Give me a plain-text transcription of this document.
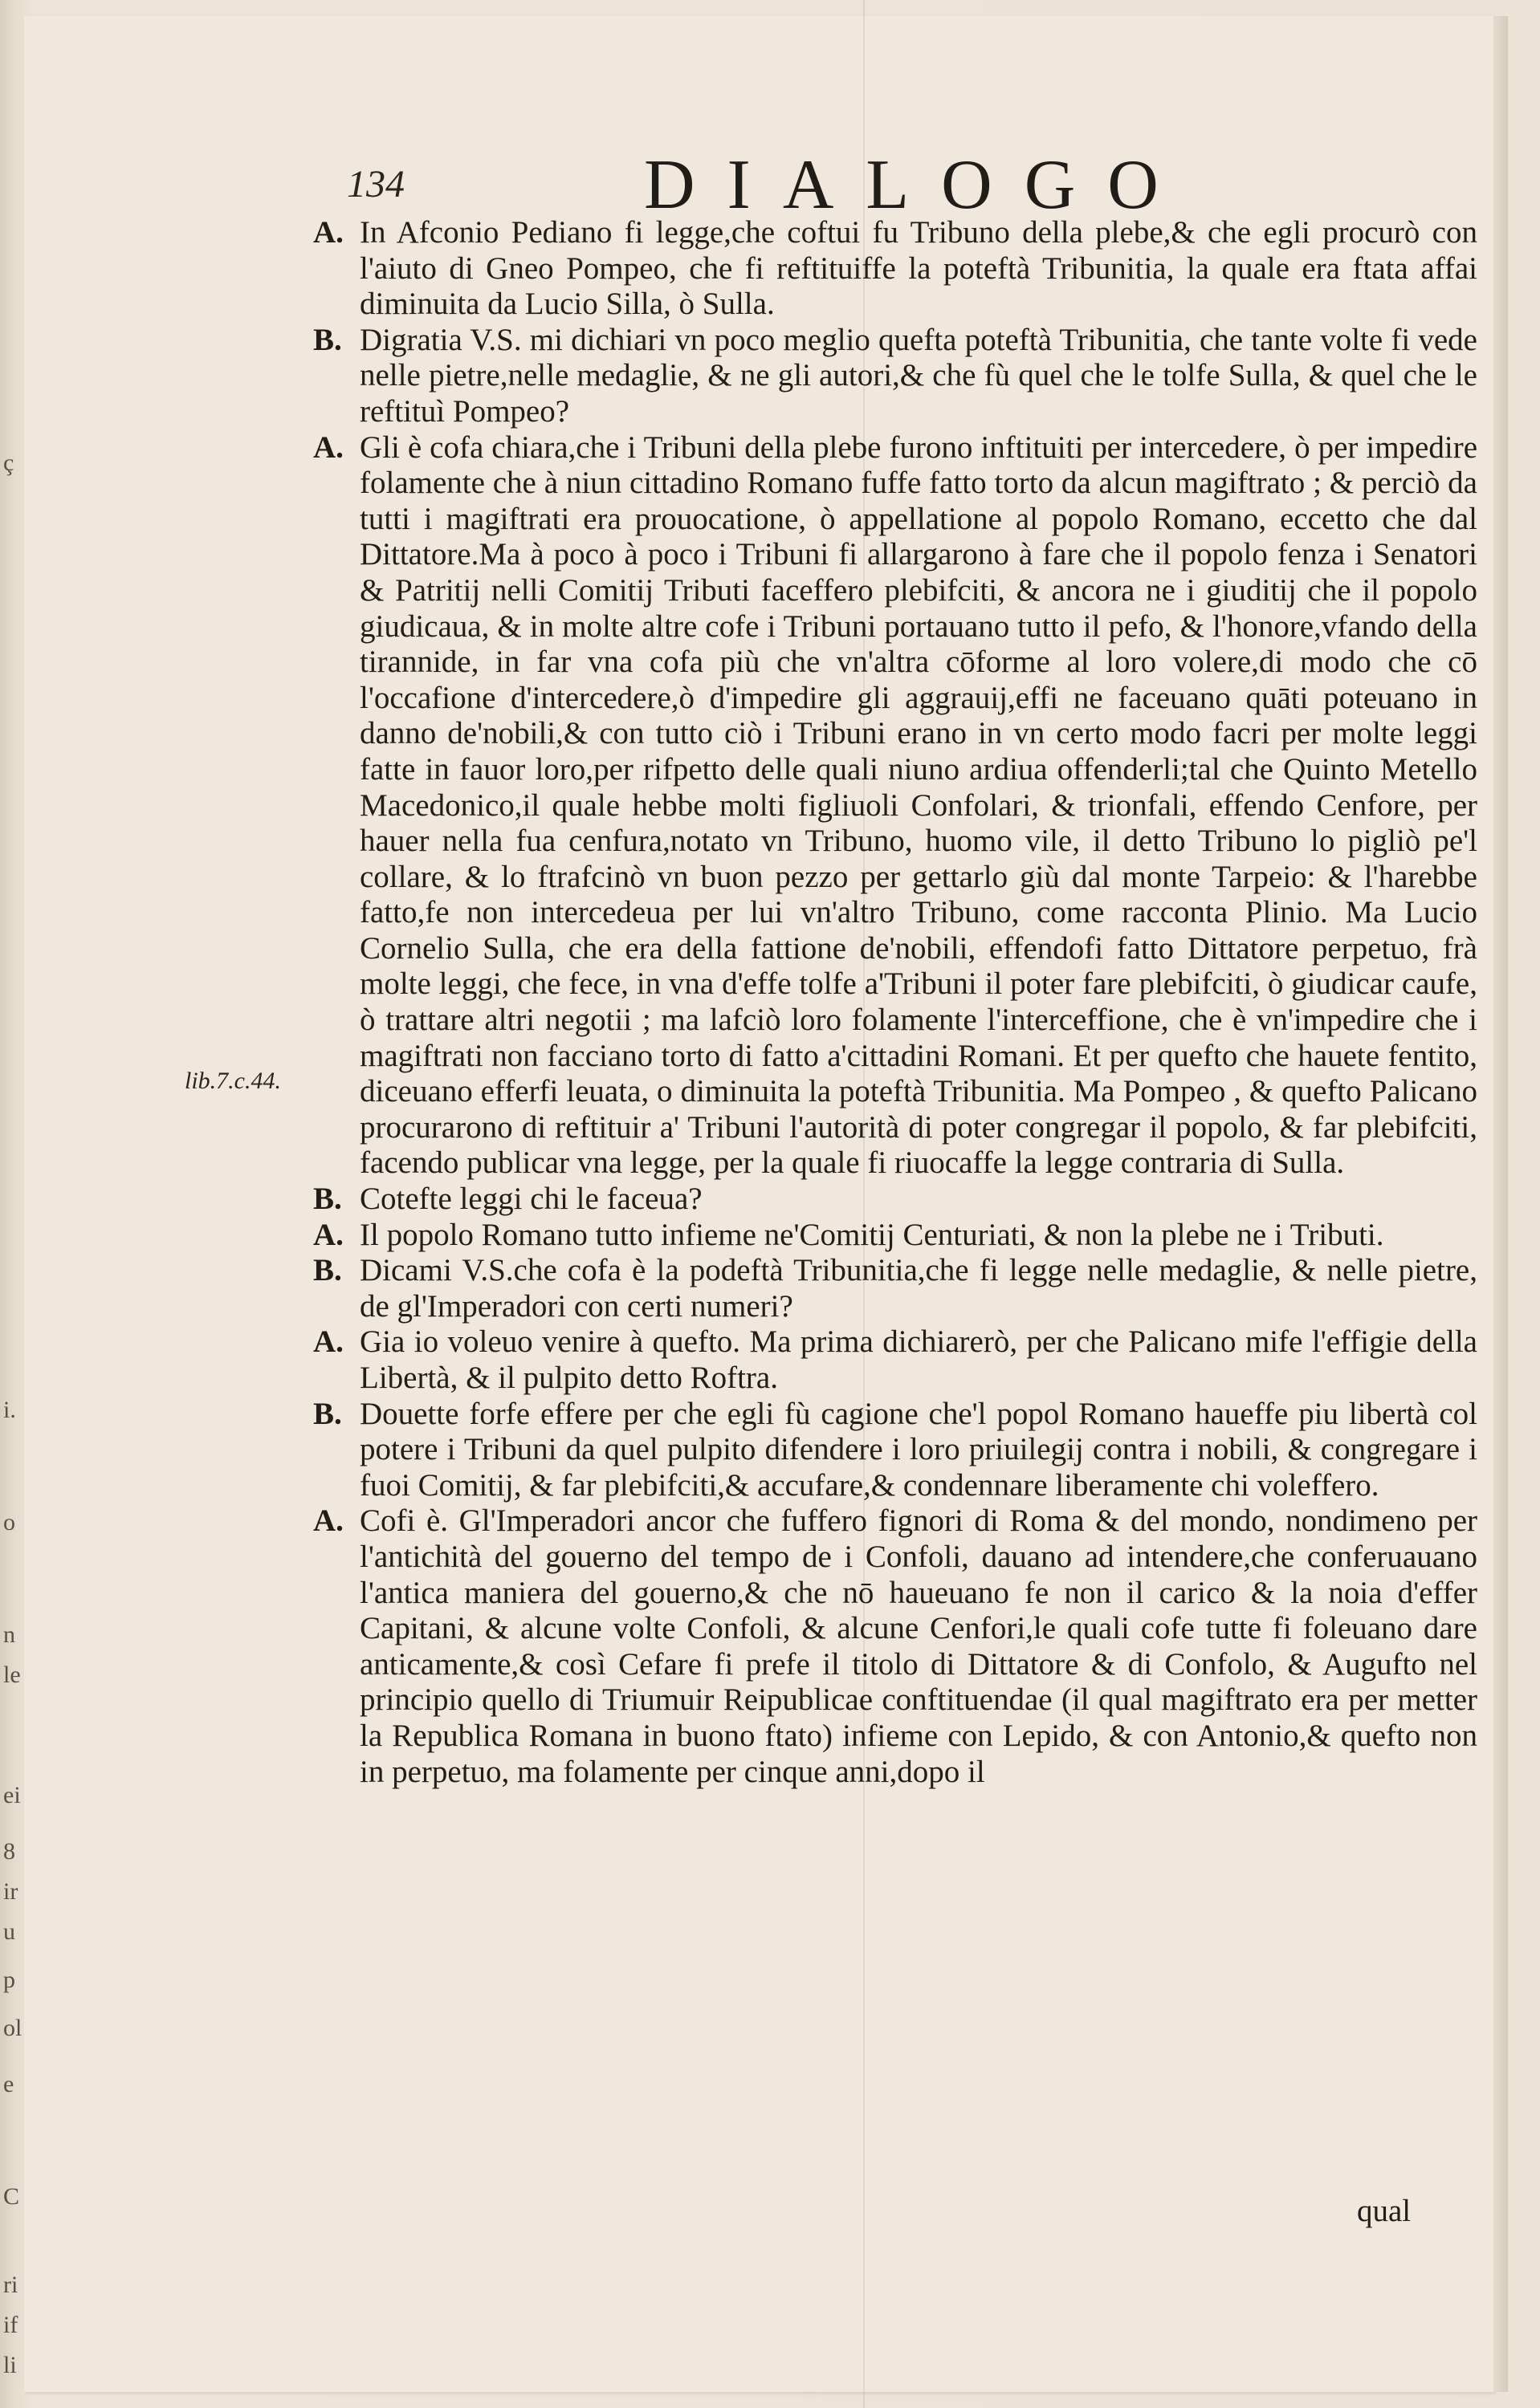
ç
i.
o
n
le
ei
8
ir
u
p
ol
e
C
ri
if
li
134	DIALOGO
lib.7.c.44.
A. In Afconio Pediano fi legge,che coftui fu Tribuno della plebe,& che egli procurò con l'aiuto di Gneo Pompeo, che fi reftituiffe la poteftà Tribunitia, la quale era ftata affai diminuita da Lucio Silla, ò Sulla.
B. Digratia V.S. mi dichiari vn poco meglio quefta poteftà Tribunitia, che tante volte fi vede nelle pietre,nelle medaglie, & ne gli autori,& che fù quel che le tolfe Sulla, & quel che le reftituì Pompeo?
A. Gli è cofa chiara,che i Tribuni della plebe furono inftituiti per intercedere, ò per impedire folamente che à niun cittadino Romano fuffe fatto torto da alcun magiftrato ; & perciò da tutti i magiftrati era prouocatione, ò appellatione al popolo Romano, eccetto che dal Dittatore.Ma à poco à poco i Tribuni fi allargarono à fare che il popolo fenza i Senatori & Patritij nelli Comitij Tributi faceffero plebifciti, & ancora ne i giuditij che il popolo giudicaua, & in molte altre cofe i Tribuni portauano tutto il pefo, & l'honore,vfando della tirannide, in far vna cofa più che vn'altra cōforme al loro volere,di modo che cō l'occafione d'intercedere,ò d'impedire gli aggrauij,effi ne faceuano quāti poteuano in danno de'nobili,& con tutto ciò i Tribuni erano in vn certo modo facri per molte leggi fatte in fauor loro,per rifpetto delle quali niuno ardiua offenderli;tal che Quinto Metello Macedonico,il quale hebbe molti figliuoli Confolari, & trionfali, effendo Cenfore, per hauer nella fua cenfura,notato vn Tribuno, huomo vile, il detto Tribuno lo pigliò pe'l collare, & lo ftrafcinò vn buon pezzo per gettarlo giù dal monte Tarpeio: & l'harebbe fatto,fe non intercedeua per lui vn'altro Tribuno, come racconta Plinio. Ma Lucio Cornelio Sulla, che era della fattione de'nobili, effendofi fatto Dittatore perpetuo, frà molte leggi, che fece, in vna d'effe tolfe a'Tribuni il poter fare plebifciti, ò giudicar caufe, ò trattare altri negotii ; ma lafciò loro folamente l'interceffione, che è vn'impedire che i magiftrati non facciano torto di fatto a'cittadini Romani. Et per quefto che hauete fentito, diceuano efferfi leuata, o diminuita la poteftà Tribunitia. Ma Pompeo , & quefto Palicano procurarono di reftituir a' Tribuni l'autorità di poter congregar il popolo, & far plebifciti, facendo publicar vna legge, per la quale fi riuocaffe la legge contraria di Sulla.
B. Cotefte leggi chi le faceua?
A. Il popolo Romano tutto infieme ne'Comitij Centuriati, & non la plebe ne i Tributi.
B. Dicami V.S.che cofa è la podeftà Tribunitia,che fi legge nelle medaglie, & nelle pietre, de gl'Imperadori con certi numeri?
A. Gia io voleuo venire à quefto. Ma prima dichiarerò, per che Palicano mife l'effigie della Libertà, & il pulpito detto Roftra.
B. Douette forfe effere per che egli fù cagione che'l popol Romano haueffe piu libertà col potere i Tribuni da quel pulpito difendere i loro priuilegij contra i nobili, & congregare i fuoi Comitij, & far plebifciti,& accufare,& condennare liberamente chi voleffero.
A. Cofi è. Gl'Imperadori ancor che fuffero fignori di Roma & del mondo, nondimeno per l'antichità del gouerno del tempo de i Confoli, dauano ad intendere,che conferuauano l'antica maniera del gouerno,& che nō haueuano fe non il carico & la noia d'effer Capitani, & alcune volte Confoli, & alcune Cenfori,le quali cofe tutte fi foleuano dare anticamente,& così Cefare fi prefe il titolo di Dittatore & di Confolo, & Augufto nel principio quello di Triumuir Reipublicae conftituendae (il qual magiftrato era per metter la Republica Romana in buono ftato) infieme con Lepido, & con Antonio,& quefto non in perpetuo, ma folamente per cinque anni,dopo il
qual
